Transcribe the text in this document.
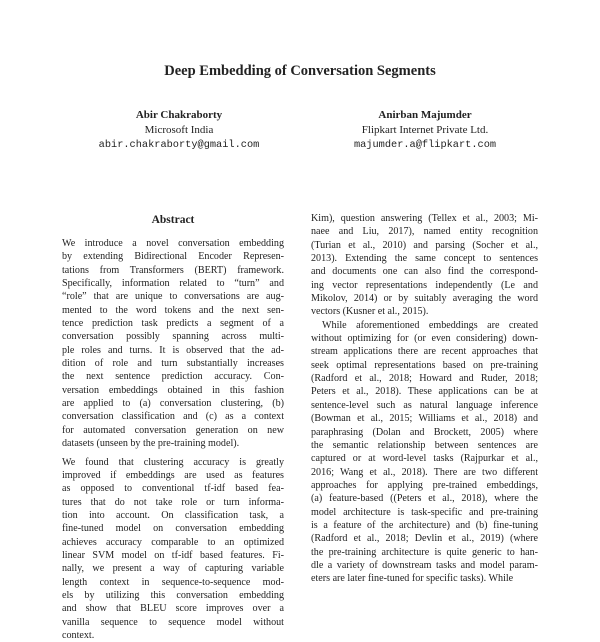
Deep Embedding of Conversation Segments
Abir Chakraborty
Microsoft India
abir.chakraborty@gmail.com
Anirban Majumder
Flipkart Internet Private Ltd.
majumder.a@flipkart.com
Abstract
We introduce a novel conversation embedding
by extending Bidirectional Encoder Represen-
tations from Transformers (BERT) framework.
Specifically, information related to “turn” and
“role” that are unique to conversations are aug-
mented to the word tokens and the next sen-
tence prediction task predicts a segment of a
conversation possibly spanning across multi-
ple roles and turns. It is observed that the ad-
dition of role and turn substantially increases
the next sentence prediction accuracy. Con-
versation embeddings obtained in this fashion
are applied to (a) conversation clustering, (b)
conversation classification and (c) as a context
for automated conversation generation on new
datasets (unseen by the pre-training model).
We found that clustering accuracy is greatly
improved if embeddings are used as features
as opposed to conventional tf-idf based fea-
tures that do not take role or turn informa-
tion into account. On classification task, a
fine-tuned model on conversation embedding
achieves accuracy comparable to an optimized
linear SVM model on tf-idf based features. Fi-
nally, we present a way of capturing variable
length context in sequence-to-sequence mod-
els by utilizing this conversation embedding
and show that BLEU score improves over a
vanilla sequence to sequence model without
context.
Kim), question answering (Tellex et al., 2003; Mi-
naee and Liu, 2017), named entity recognition
(Turian et al., 2010) and parsing (Socher et al.,
2013). Extending the same concept to sentences
and documents one can also find the correspond-
ing vector representations independently (Le and
Mikolov, 2014) or by suitably averaging the word
vectors (Kusner et al., 2015).
While aforementioned embeddings are created
without optimizing for (or even considering) down-
stream applications there are recent approaches that
seek optimal representations based on pre-training
(Radford et al., 2018; Howard and Ruder, 2018;
Peters et al., 2018). These applications can be at
sentence-level such as natural language inference
(Bowman et al., 2015; Williams et al., 2018) and
paraphrasing (Dolan and Brockett, 2005) where
the semantic relationship between sentences are
captured or at word-level tasks (Rajpurkar et al.,
2016; Wang et al., 2018). There are two different
approaches for applying pre-trained embeddings,
(a) feature-based ((Peters et al., 2018), where the
model architecture is task-specific and pre-training
is a feature of the architecture) and (b) fine-tuning
(Radford et al., 2018; Devlin et al., 2019) (where
the pre-training architecture is quite generic to han-
dle a variety of downstream tasks and model param-
eters are later fine-tuned for specific tasks). While
